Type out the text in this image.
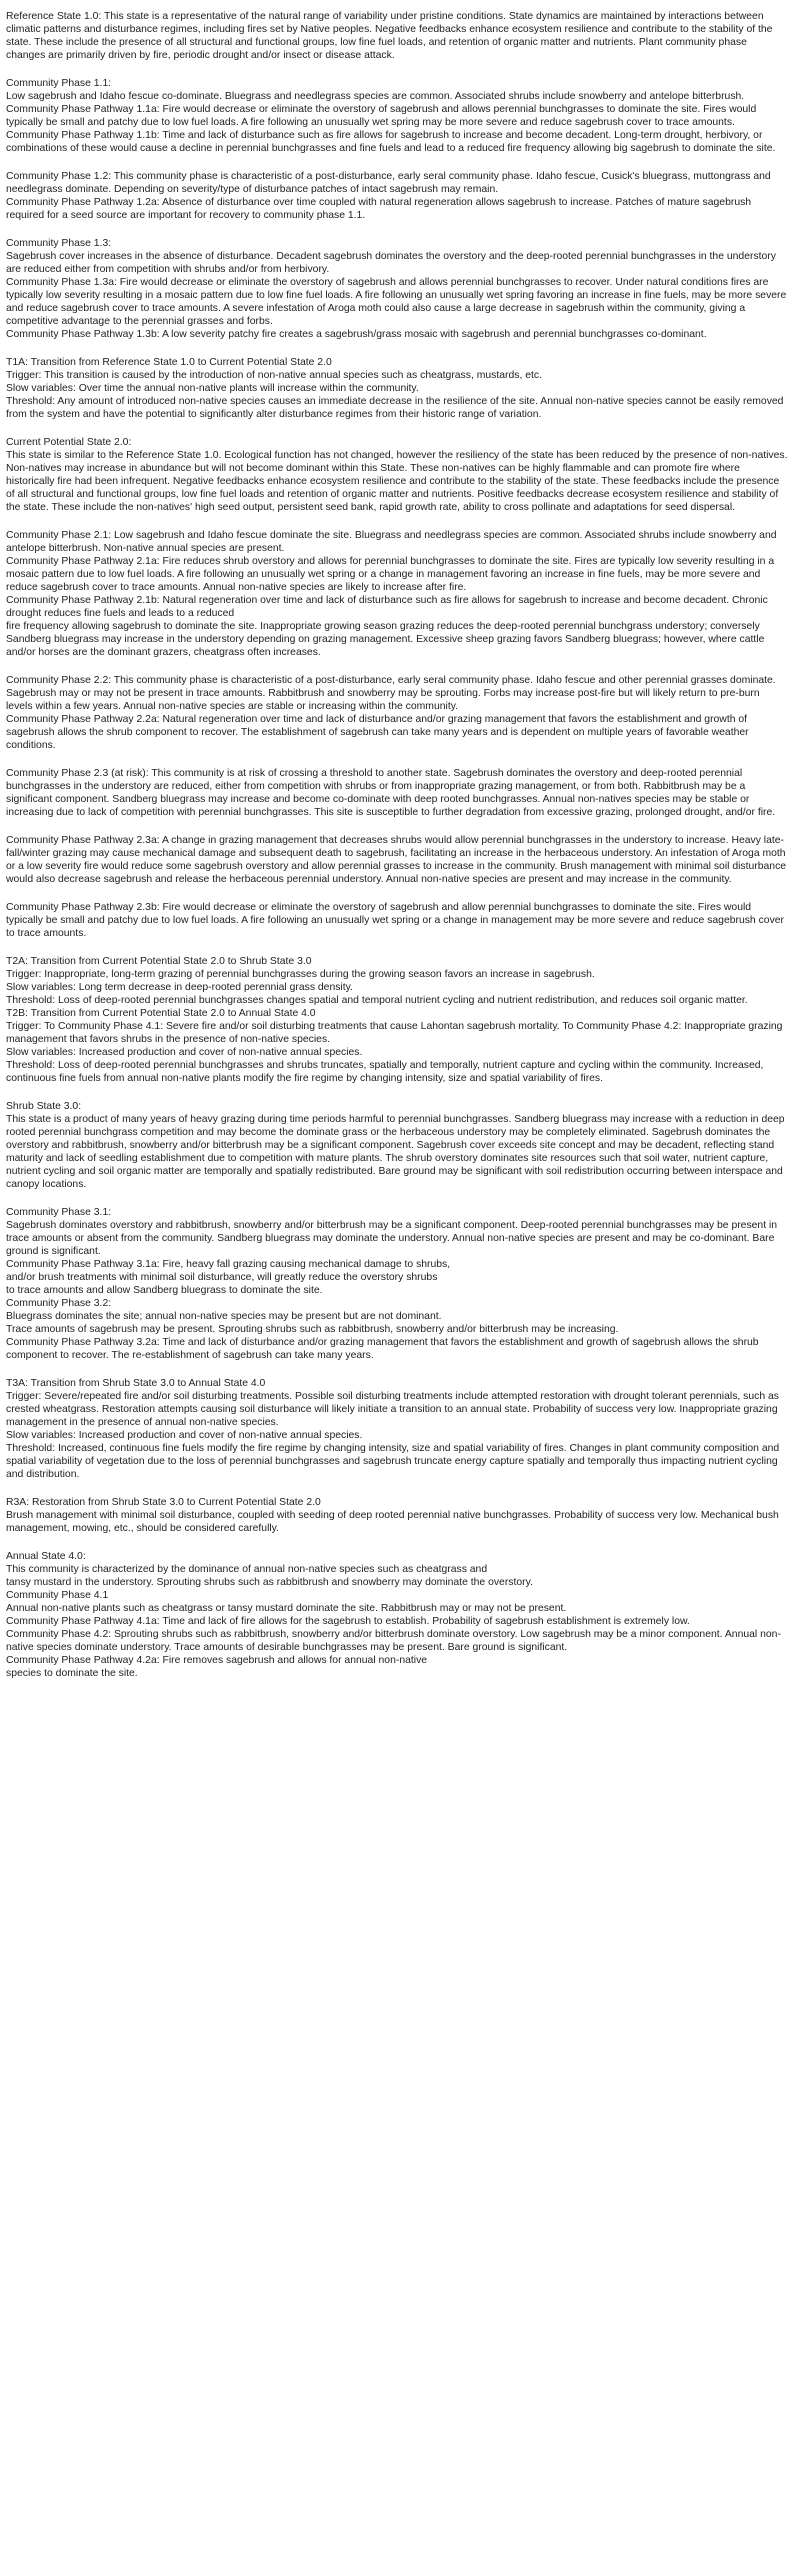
Reference State 1.0: This state is a representative of the natural range of variability under pristine conditions. State dynamics are maintained by interactions between climatic patterns and disturbance regimes, including fires set by Native peoples. Negative feedbacks enhance ecosystem resilience and contribute to the stability of the state. These include the presence of all structural and functional groups, low fine fuel loads, and retention of organic matter and nutrients. Plant community phase changes are primarily driven by fire, periodic drought and/or insect or disease attack.
Community Phase 1.1:
Low sagebrush and Idaho fescue co-dominate. Bluegrass and needlegrass species are common. Associated shrubs include snowberry and antelope bitterbrush.
Community Phase Pathway 1.1a: Fire would decrease or eliminate the overstory of sagebrush and allows perennial bunchgrasses to dominate the site. Fires would typically be small and patchy due to low fuel loads. A fire following an unusually wet spring may be more severe and reduce sagebrush cover to trace amounts.
Community Phase Pathway 1.1b: Time and lack of disturbance such as fire allows for sagebrush to increase and become decadent. Long-term drought, herbivory, or combinations of these would cause a decline in perennial bunchgrasses and fine fuels and lead to a reduced fire frequency allowing big sagebrush to dominate the site.
Community Phase 1.2: This community phase is characteristic of a post-disturbance, early seral community phase. Idaho fescue, Cusick's bluegrass, muttongrass and needlegrass dominate. Depending on severity/type of disturbance patches of intact sagebrush may remain.
Community Phase Pathway 1.2a: Absence of disturbance over time coupled with natural regeneration allows sagebrush to increase. Patches of mature sagebrush required for a seed source are important for recovery to community phase 1.1.
Community Phase 1.3:
Sagebrush cover increases in the absence of disturbance. Decadent sagebrush dominates the overstory and the deep-rooted perennial bunchgrasses in the understory are reduced either from competition with shrubs and/or from herbivory.
Community Phase 1.3a: Fire would decrease or eliminate the overstory of sagebrush and allows perennial bunchgrasses to recover. Under natural conditions fires are typically low severity resulting in a mosaic pattern due to low fine fuel loads. A fire following an unusually wet spring favoring an increase in fine fuels, may be more severe and reduce sagebrush cover to trace amounts. A severe infestation of Aroga moth could also cause a large decrease in sagebrush within the community, giving a competitive advantage to the perennial grasses and forbs.
Community Phase Pathway 1.3b: A low severity patchy fire creates a sagebrush/grass mosaic with sagebrush and perennial bunchgrasses co-dominant.
T1A: Transition from Reference State 1.0 to Current Potential State 2.0
Trigger: This transition is caused by the introduction of non-native annual species such as cheatgrass, mustards, etc.
Slow variables: Over time the annual non-native plants will increase within the community.
Threshold: Any amount of introduced non-native species causes an immediate decrease in the resilience of the site. Annual non-native species cannot be easily removed from the system and have the potential to significantly alter disturbance regimes from their historic range of variation.
Current Potential State 2.0:
This state is similar to the Reference State 1.0. Ecological function has not changed, however the resiliency of the state has been reduced by the presence of non-natives. Non-natives may increase in abundance but will not become dominant within this State. These non-natives can be highly flammable and can promote fire where historically fire had been infrequent. Negative feedbacks enhance ecosystem resilience and contribute to the stability of the state. These feedbacks include the presence of all structural and functional groups, low fine fuel loads and retention of organic matter and nutrients. Positive feedbacks decrease ecosystem resilience and stability of the state. These include the non-natives' high seed output, persistent seed bank, rapid growth rate, ability to cross pollinate and adaptations for seed dispersal.
Community Phase 2.1: Low sagebrush and Idaho fescue dominate the site. Bluegrass and needlegrass species are common. Associated shrubs include snowberry and antelope bitterbrush. Non-native annual species are present.
Community Phase Pathway 2.1a: Fire reduces shrub overstory and allows for perennial bunchgrasses to dominate the site. Fires are typically low severity resulting in a mosaic pattern due to low fuel loads. A fire following an unusually wet spring or a change in management favoring an increase in fine fuels, may be more severe and reduce sagebrush cover to trace amounts. Annual non-native species are likely to increase after fire.
Community Phase Pathway 2.1b: Natural regeneration over time and lack of disturbance such as fire allows for sagebrush to increase and become decadent. Chronic drought reduces fine fuels and leads to a reduced
fire frequency allowing sagebrush to dominate the site. Inappropriate growing season grazing reduces the deep-rooted perennial bunchgrass understory; conversely Sandberg bluegrass may increase in the understory depending on grazing management. Excessive sheep grazing favors Sandberg bluegrass; however, where cattle and/or horses are the dominant grazers, cheatgrass often increases.
Community Phase 2.2: This community phase is characteristic of a post-disturbance, early seral community phase. Idaho fescue and other perennial grasses dominate. Sagebrush may or may not be present in trace amounts. Rabbitbrush and snowberry may be sprouting. Forbs may increase post-fire but will likely return to pre-burn levels within a few years. Annual non-native species are stable or increasing within the community.
Community Phase Pathway 2.2a: Natural regeneration over time and lack of disturbance and/or grazing management that favors the establishment and growth of sagebrush allows the shrub component to recover. The establishment of sagebrush can take many years and is dependent on multiple years of favorable weather conditions.
Community Phase 2.3 (at risk): This community is at risk of crossing a threshold to another state. Sagebrush dominates the overstory and deep-rooted perennial bunchgrasses in the understory are reduced, either from competition with shrubs or from inappropriate grazing management, or from both. Rabbitbrush may be a significant component. Sandberg bluegrass may increase and become co-dominate with deep rooted bunchgrasses. Annual non-natives species may be stable or increasing due to lack of competition with perennial bunchgrasses. This site is susceptible to further degradation from excessive grazing, prolonged drought, and/or fire.
Community Phase Pathway 2.3a: A change in grazing management that decreases shrubs would allow perennial bunchgrasses in the understory to increase. Heavy late-fall/winter grazing may cause mechanical damage and subsequent death to sagebrush, facilitating an increase in the herbaceous understory. An infestation of Aroga moth or a low severity fire would reduce some sagebrush overstory and allow perennial grasses to increase in the community. Brush management with minimal soil disturbance would also decrease sagebrush and release the herbaceous perennial understory. Annual non-native species are present and may increase in the community.
Community Phase Pathway 2.3b: Fire would decrease or eliminate the overstory of sagebrush and allow perennial bunchgrasses to dominate the site. Fires would typically be small and patchy due to low fuel loads. A fire following an unusually wet spring or a change in management may be more severe and reduce sagebrush cover to trace amounts.
T2A: Transition from Current Potential State 2.0 to Shrub State 3.0
Trigger: Inappropriate, long-term grazing of perennial bunchgrasses during the growing season favors an increase in sagebrush.
Slow variables: Long term decrease in deep-rooted perennial grass density.
Threshold: Loss of deep-rooted perennial bunchgrasses changes spatial and temporal nutrient cycling and nutrient redistribution, and reduces soil organic matter.
T2B: Transition from Current Potential State 2.0 to Annual State 4.0
Trigger: To Community Phase 4.1: Severe fire and/or soil disturbing treatments that cause Lahontan sagebrush mortality. To Community Phase 4.2: Inappropriate grazing management that favors shrubs in the presence of non-native species.
Slow variables: Increased production and cover of non-native annual species.
Threshold: Loss of deep-rooted perennial bunchgrasses and shrubs truncates, spatially and temporally, nutrient capture and cycling within the community. Increased, continuous fine fuels from annual non-native plants modify the fire regime by changing intensity, size and spatial variability of fires.
Shrub State 3.0:
This state is a product of many years of heavy grazing during time periods harmful to perennial bunchgrasses. Sandberg bluegrass may increase with a reduction in deep rooted perennial bunchgrass competition and may become the dominate grass or the herbaceous understory may be completely eliminated. Sagebrush dominates the overstory and rabbitbrush, snowberry and/or bitterbrush may be a significant component. Sagebrush cover exceeds site concept and may be decadent, reflecting stand maturity and lack of seedling establishment due to competition with mature plants. The shrub overstory dominates site resources such that soil water, nutrient capture, nutrient cycling and soil organic matter are temporally and spatially redistributed. Bare ground may be significant with soil redistribution occurring between interspace and canopy locations.
Community Phase 3.1:
Sagebrush dominates overstory and rabbitbrush, snowberry and/or bitterbrush may be a significant component. Deep-rooted perennial bunchgrasses may be present in trace amounts or absent from the community. Sandberg bluegrass may dominate the understory. Annual non-native species are present and may be co-dominant. Bare ground is significant.
Community Phase Pathway 3.1a: Fire, heavy fall grazing causing mechanical damage to shrubs,
and/or brush treatments with minimal soil disturbance, will greatly reduce the overstory shrubs
to trace amounts and allow Sandberg bluegrass to dominate the site.
Community Phase 3.2:
Bluegrass dominates the site; annual non-native species may be present but are not dominant.
Trace amounts of sagebrush may be present. Sprouting shrubs such as rabbitbrush, snowberry and/or bitterbrush may be increasing.
Community Phase Pathway 3.2a: Time and lack of disturbance and/or grazing management that favors the establishment and growth of sagebrush allows the shrub component to recover. The re-establishment of sagebrush can take many years.
T3A: Transition from Shrub State 3.0 to Annual State 4.0
Trigger: Severe/repeated fire and/or soil disturbing treatments. Possible soil disturbing treatments include attempted restoration with drought tolerant perennials, such as crested wheatgrass. Restoration attempts causing soil disturbance will likely initiate a transition to an annual state. Probability of success very low. Inappropriate grazing management in the presence of annual non-native species.
Slow variables: Increased production and cover of non-native annual species.
Threshold: Increased, continuous fine fuels modify the fire regime by changing intensity, size and spatial variability of fires. Changes in plant community composition and spatial variability of vegetation due to the loss of perennial bunchgrasses and sagebrush truncate energy capture spatially and temporally thus impacting nutrient cycling and distribution.
R3A: Restoration from Shrub State 3.0 to Current Potential State 2.0
Brush management with minimal soil disturbance, coupled with seeding of deep rooted perennial native bunchgrasses. Probability of success very low. Mechanical bush management, mowing, etc., should be considered carefully.
Annual State 4.0:
This community is characterized by the dominance of annual non-native species such as cheatgrass and
tansy mustard in the understory. Sprouting shrubs such as rabbitbrush and snowberry may dominate the overstory.
Community Phase 4.1
Annual non-native plants such as cheatgrass or tansy mustard dominate the site. Rabbitbrush may or may not be present.
Community Phase Pathway 4.1a: Time and lack of fire allows for the sagebrush to establish. Probability of sagebrush establishment is extremely low.
Community Phase 4.2: Sprouting shrubs such as rabbitbrush, snowberry and/or bitterbrush dominate overstory. Low sagebrush may be a minor component. Annual non-native species dominate understory. Trace amounts of desirable bunchgrasses may be present. Bare ground is significant.
Community Phase Pathway 4.2a: Fire removes sagebrush and allows for annual non-native
species to dominate the site.
